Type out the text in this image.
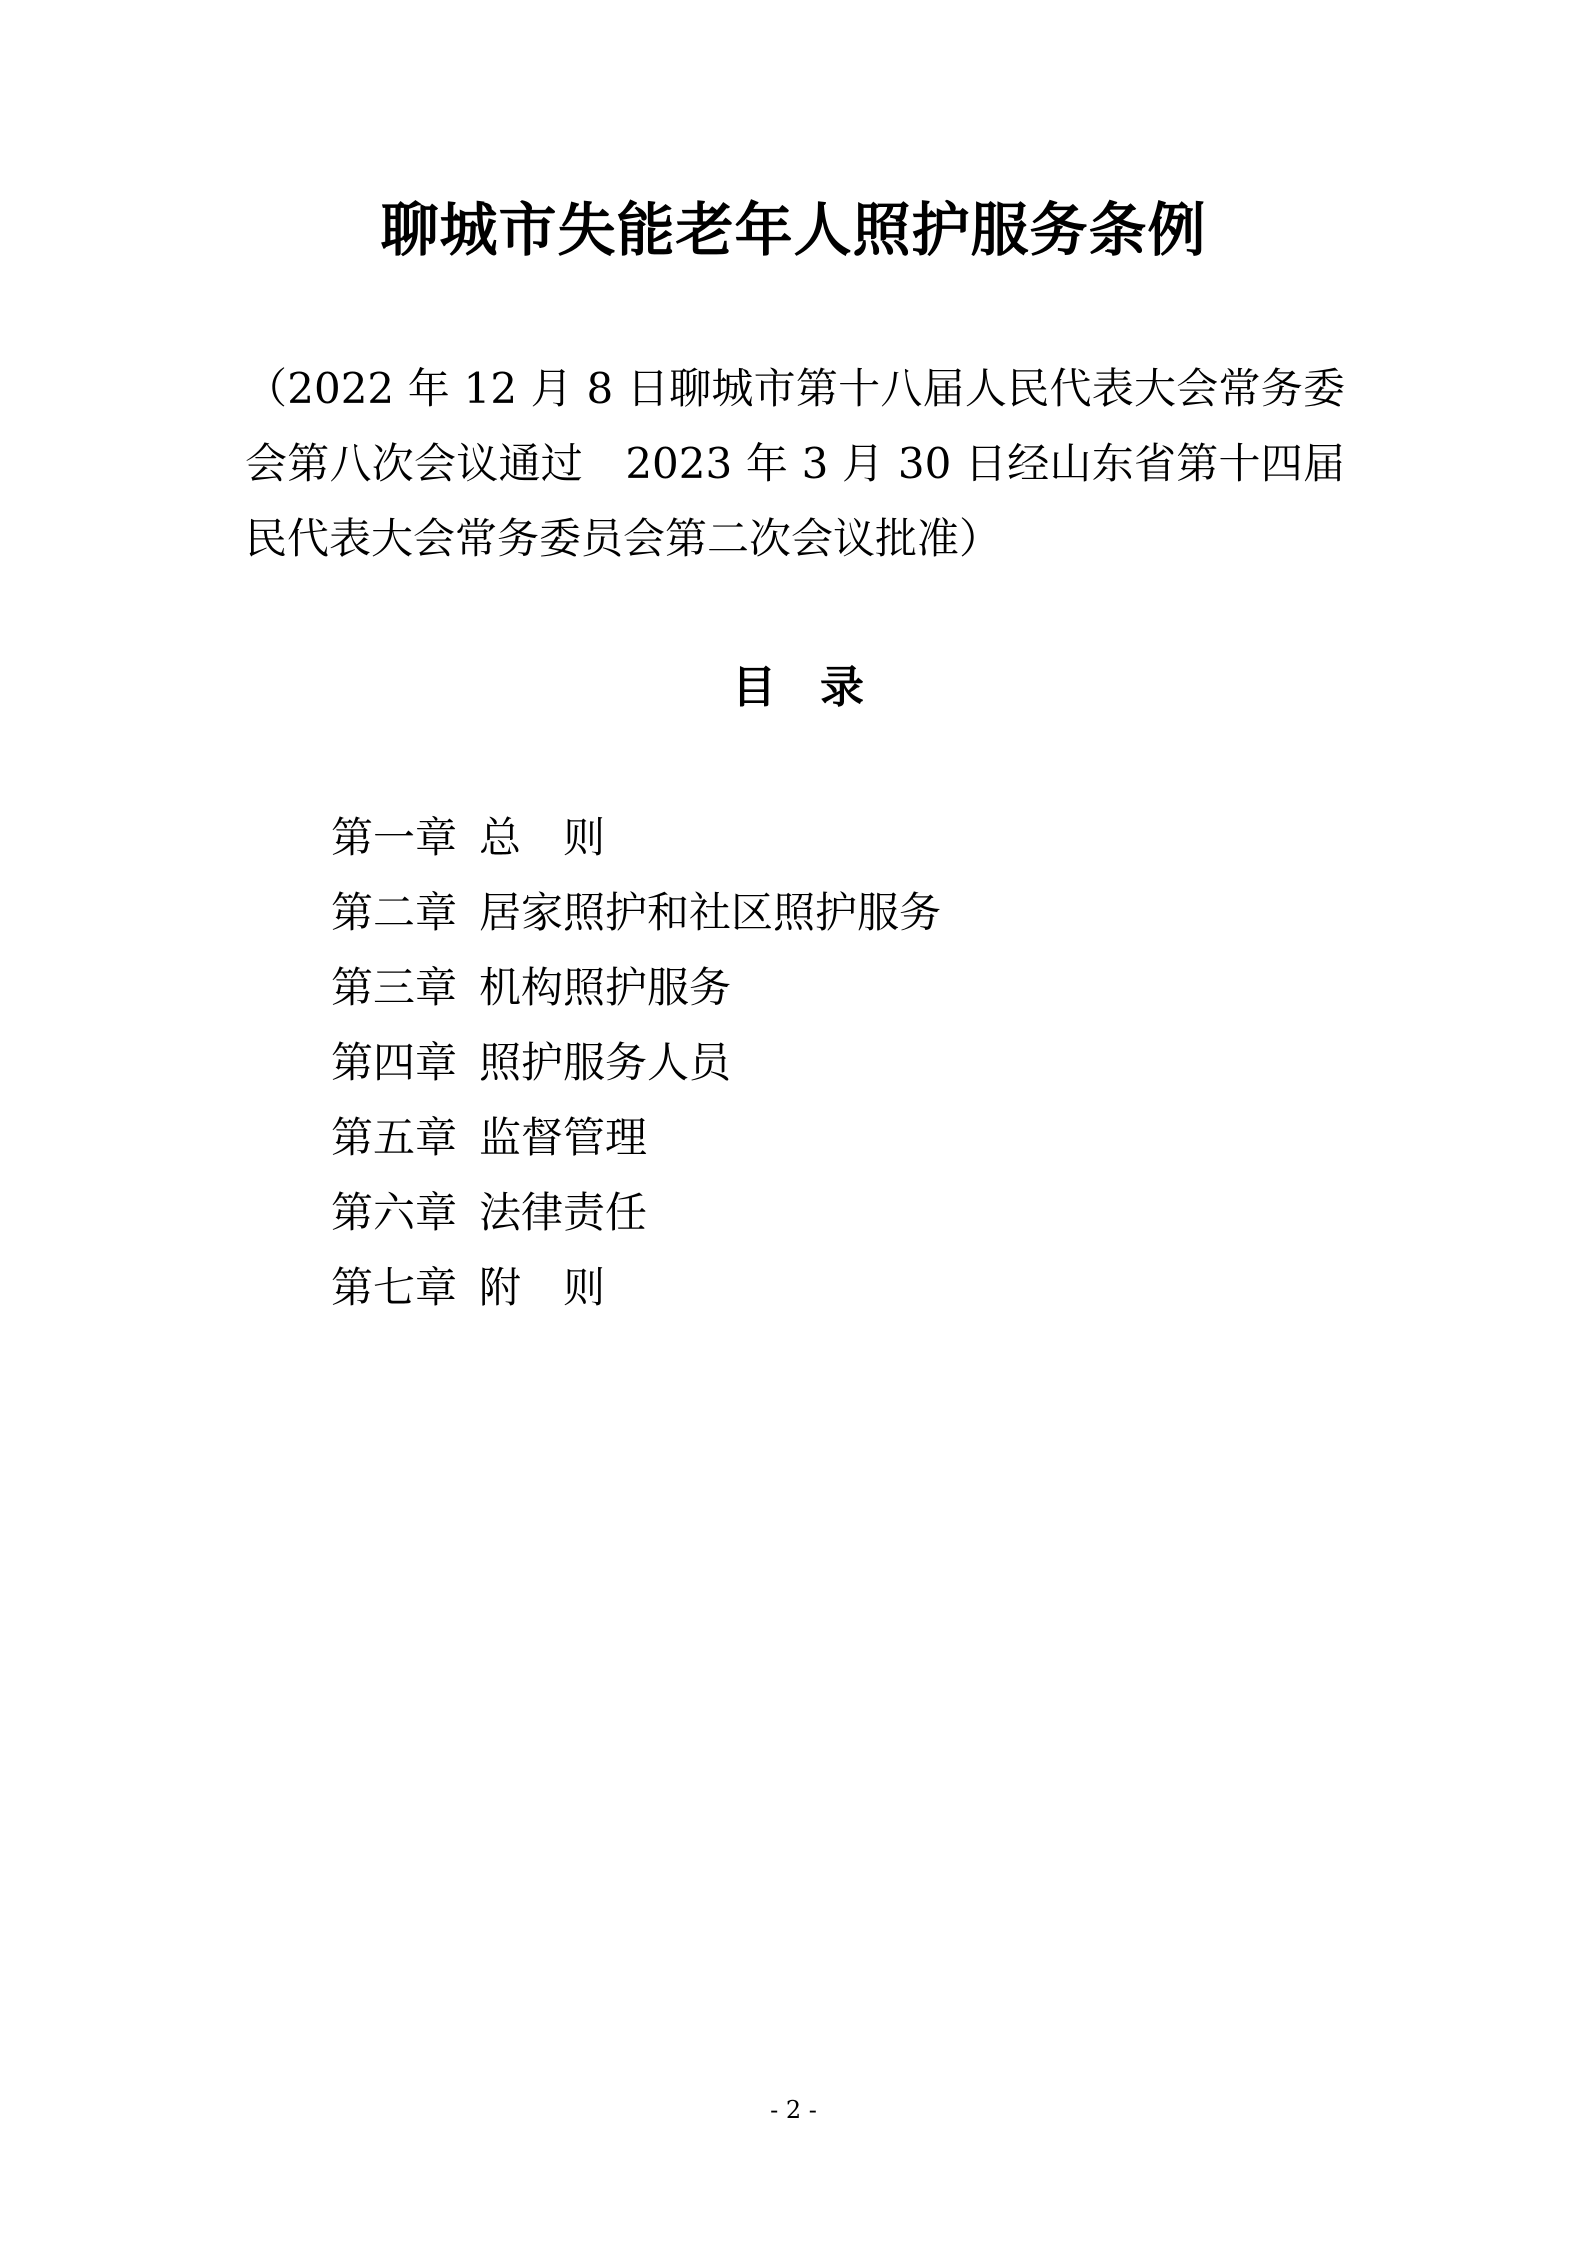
聊城市失能老年人照护服务条例
（2022 年 12 月 8 日聊城市第十八届人民代表大会常务委
会第八次会议通过　2023 年 3 月 30 日经山东省第十四届
民代表大会常务委员会第二次会议批准）
目　录
第一章 总　则
第二章 居家照护和社区照护服务
第三章 机构照护服务
第四章 照护服务人员
第五章 监督管理
第六章 法律责任
第七章 附　则
- 2 -
